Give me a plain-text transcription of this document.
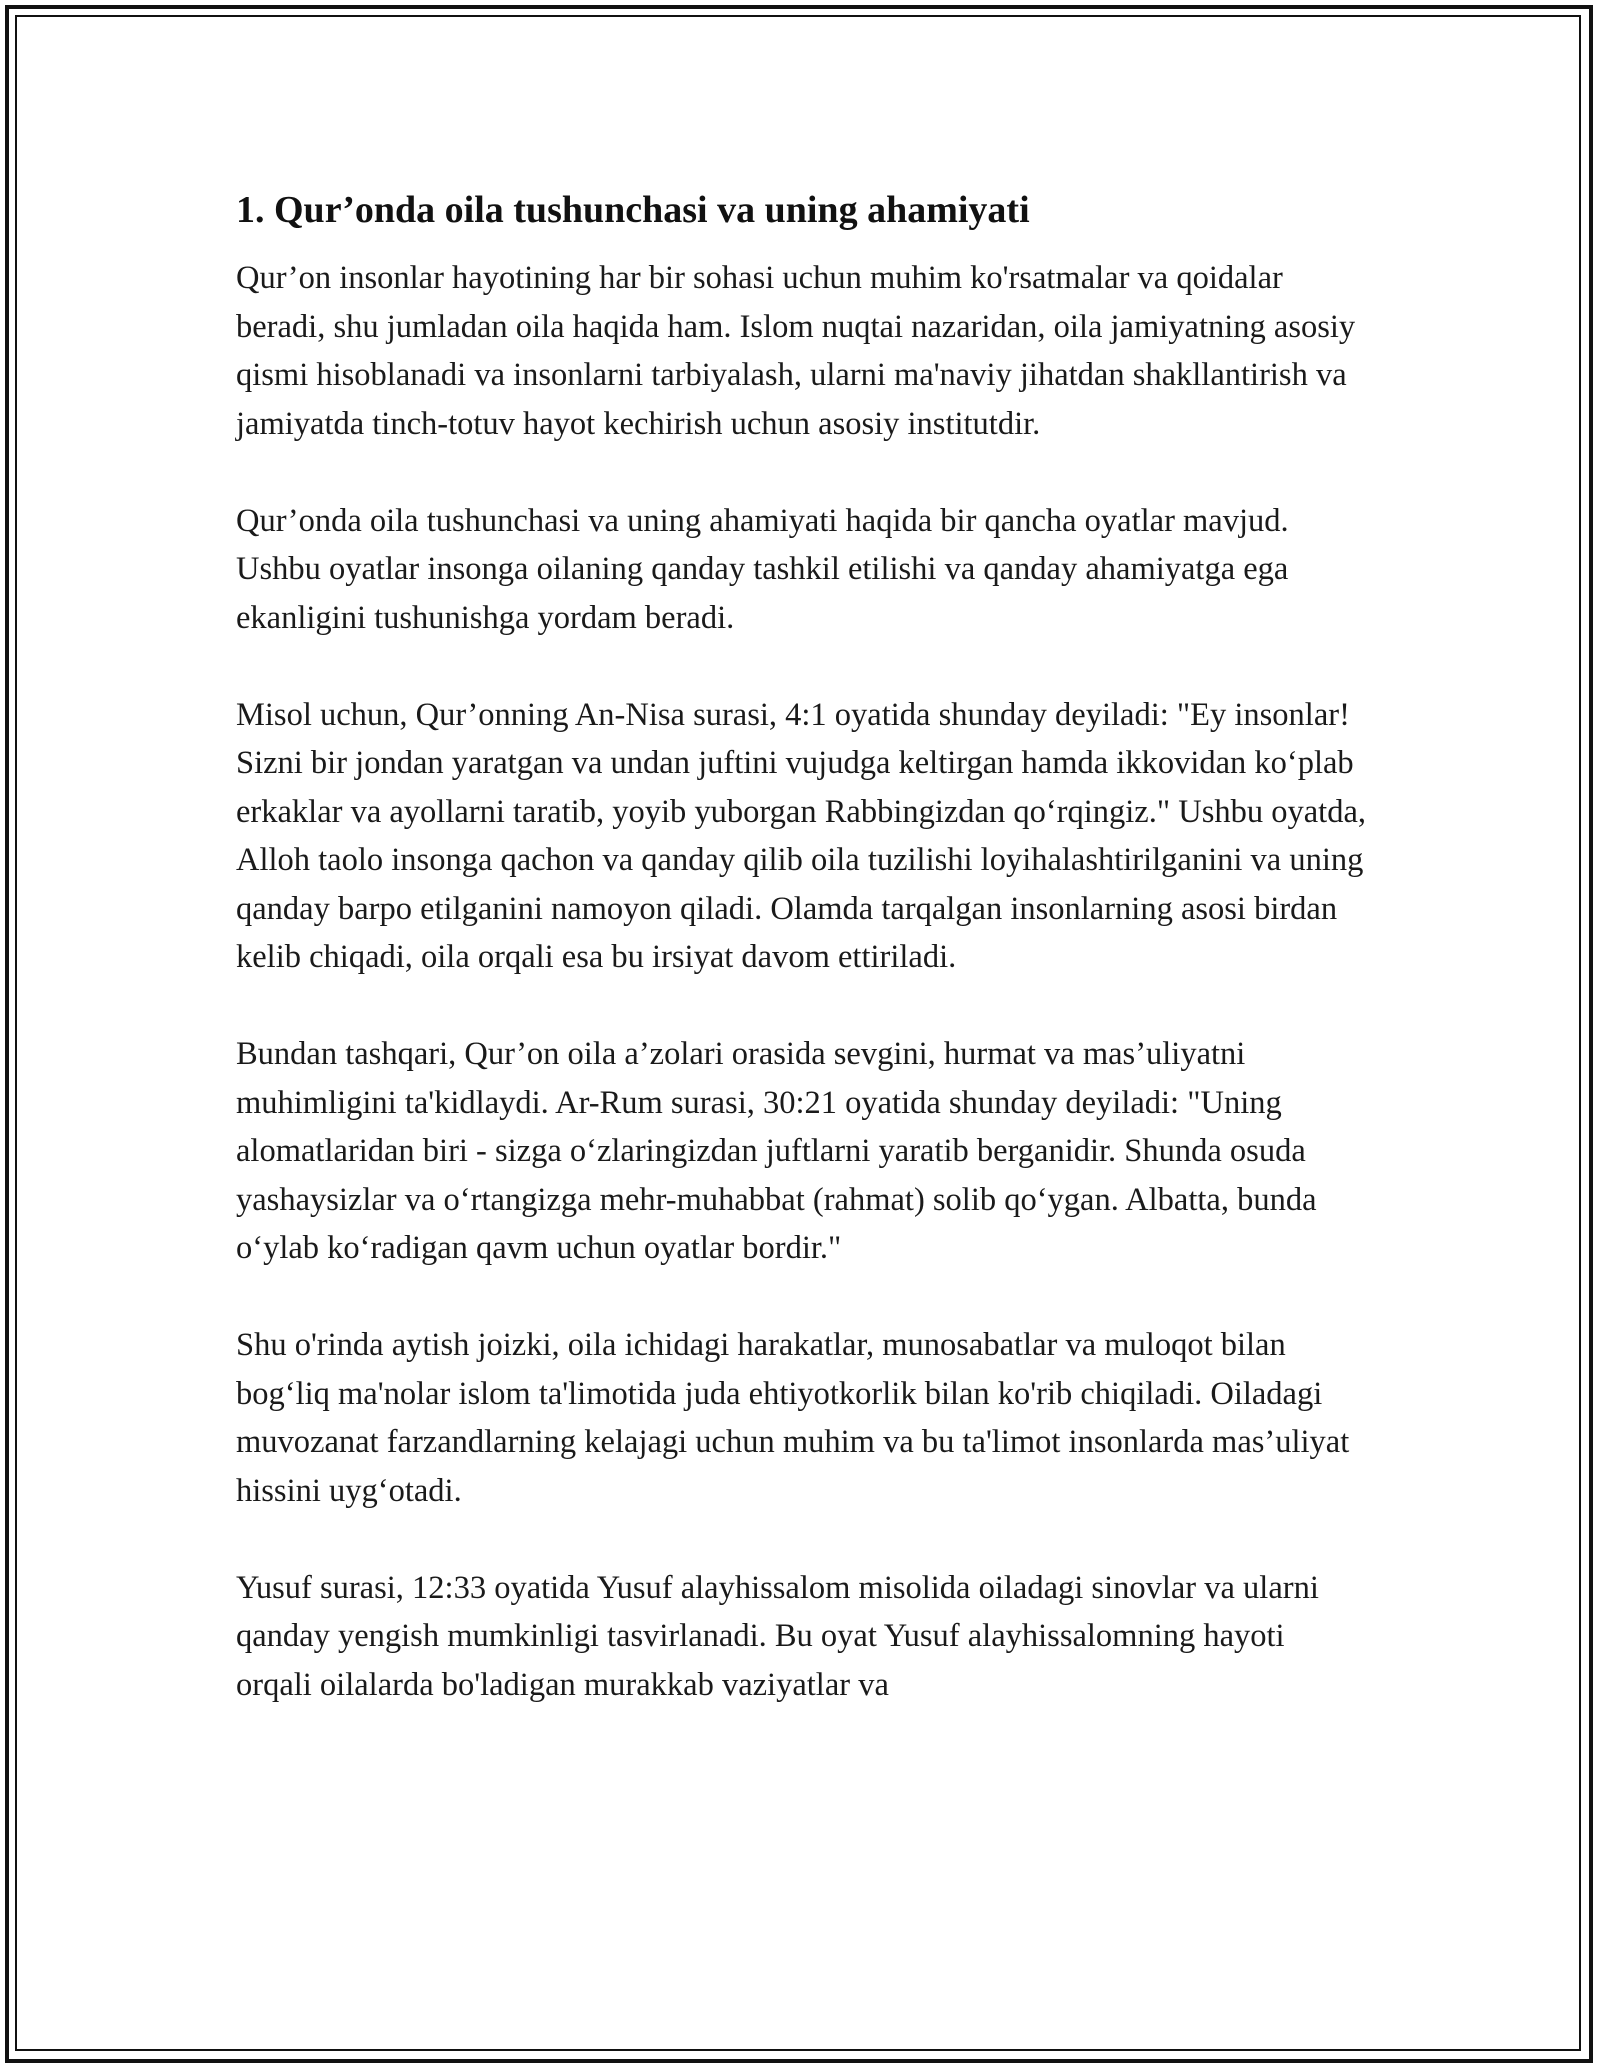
1. Qur’onda oila tushunchasi va uning ahamiyati

Qur’on insonlar hayotining har bir sohasi uchun muhim ko'rsatmalar va qoidalar beradi, shu jumladan oila haqida ham. Islom nuqtai nazaridan, oila jamiyatning asosiy qismi hisoblanadi va insonlarni tarbiyalash, ularni ma'naviy jihatdan shakllantirish va jamiyatda tinch-totuv hayot kechirish uchun asosiy institutdir.

Qur’onda oila tushunchasi va uning ahamiyati haqida bir qancha oyatlar mavjud. Ushbu oyatlar insonga oilaning qanday tashkil etilishi va qanday ahamiyatga ega ekanligini tushunishga yordam beradi.

Misol uchun, Qur’onning An-Nisa surasi, 4:1 oyatida shunday deyiladi: "Ey insonlar! Sizni bir jondan yaratgan va undan juftini vujudga keltirgan hamda ikkovidan ko‘plab erkaklar va ayollarni taratib, yoyib yuborgan Rabbingizdan qo‘rqingiz." Ushbu oyatda, Alloh taolo insonga qachon va qanday qilib oila tuzilishi loyihalashtirilganini va uning qanday barpo etilganini namoyon qiladi. Olamda tarqalgan insonlarning asosi birdan kelib chiqadi, oila orqali esa bu irsiyat davom ettiriladi.

Bundan tashqari, Qur’on oila a’zolari orasida sevgini, hurmat va mas’uliyatni muhimligini ta'kidlaydi. Ar-Rum surasi, 30:21 oyatida shunday deyiladi: "Uning alomatlaridan biri - sizga o‘zlaringizdan juftlarni yaratib berganidir. Shunda osuda yashaysizlar va o‘rtangizga mehr-muhabbat (rahmat) solib qo‘ygan. Albatta, bunda o‘ylab ko‘radigan qavm uchun oyatlar bordir."

Shu o'rinda aytish joizki, oila ichidagi harakatlar, munosabatlar va muloqot bilan bog‘liq ma'nolar islom ta'limotida juda ehtiyotkorlik bilan ko'rib chiqiladi. Oiladagi muvozanat farzandlarning kelajagi uchun muhim va bu ta'limot insonlarda mas’uliyat hissini uyg‘otadi.

Yusuf surasi, 12:33 oyatida Yusuf alayhissalom misolida oiladagi sinovlar va ularni qanday yengish mumkinligi tasvirlanadi. Bu oyat Yusuf alayhissalomning hayoti orqali oilalarda bo'ladigan murakkab vaziyatlar va
